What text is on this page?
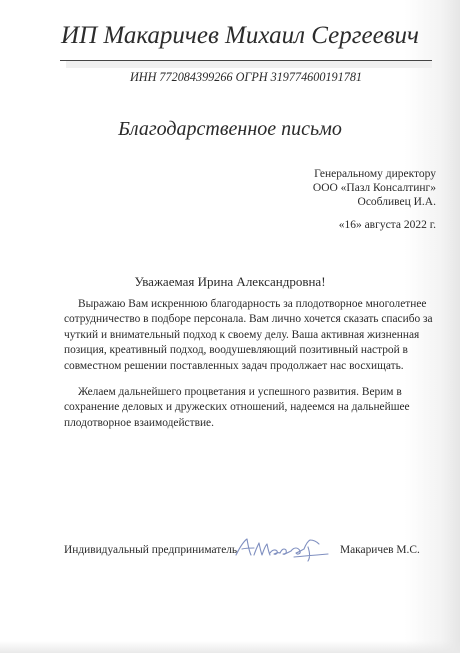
ИП Макаричев Михаил Сергеевич
ИНН 772084399266 ОГРН 319774600191781
Благодарственное письмо
Генеральному директору
ООО «Пазл Консалтинг»
Особливец И.А.
«16» августа 2022 г.
Уважаемая Ирина Александровна!
Выражаю Вам искреннюю благодарность за плодотворное многолетнее
сотрудничество в подборе персонала. Вам лично хочется сказать спасибо за
чуткий и внимательный подход к своему делу. Ваша активная жизненная
позиция, креативный подход, воодушевляющий позитивный настрой в
совместном решении поставленных задач продолжает нас восхищать.
Желаем дальнейшего процветания и успешного развития. Верим в
сохранение деловых и дружеских отношений, надеемся на дальнейшее
плодотворное взаимодействие.
Индивидуальный предприниматель	Макаричев М.С.
